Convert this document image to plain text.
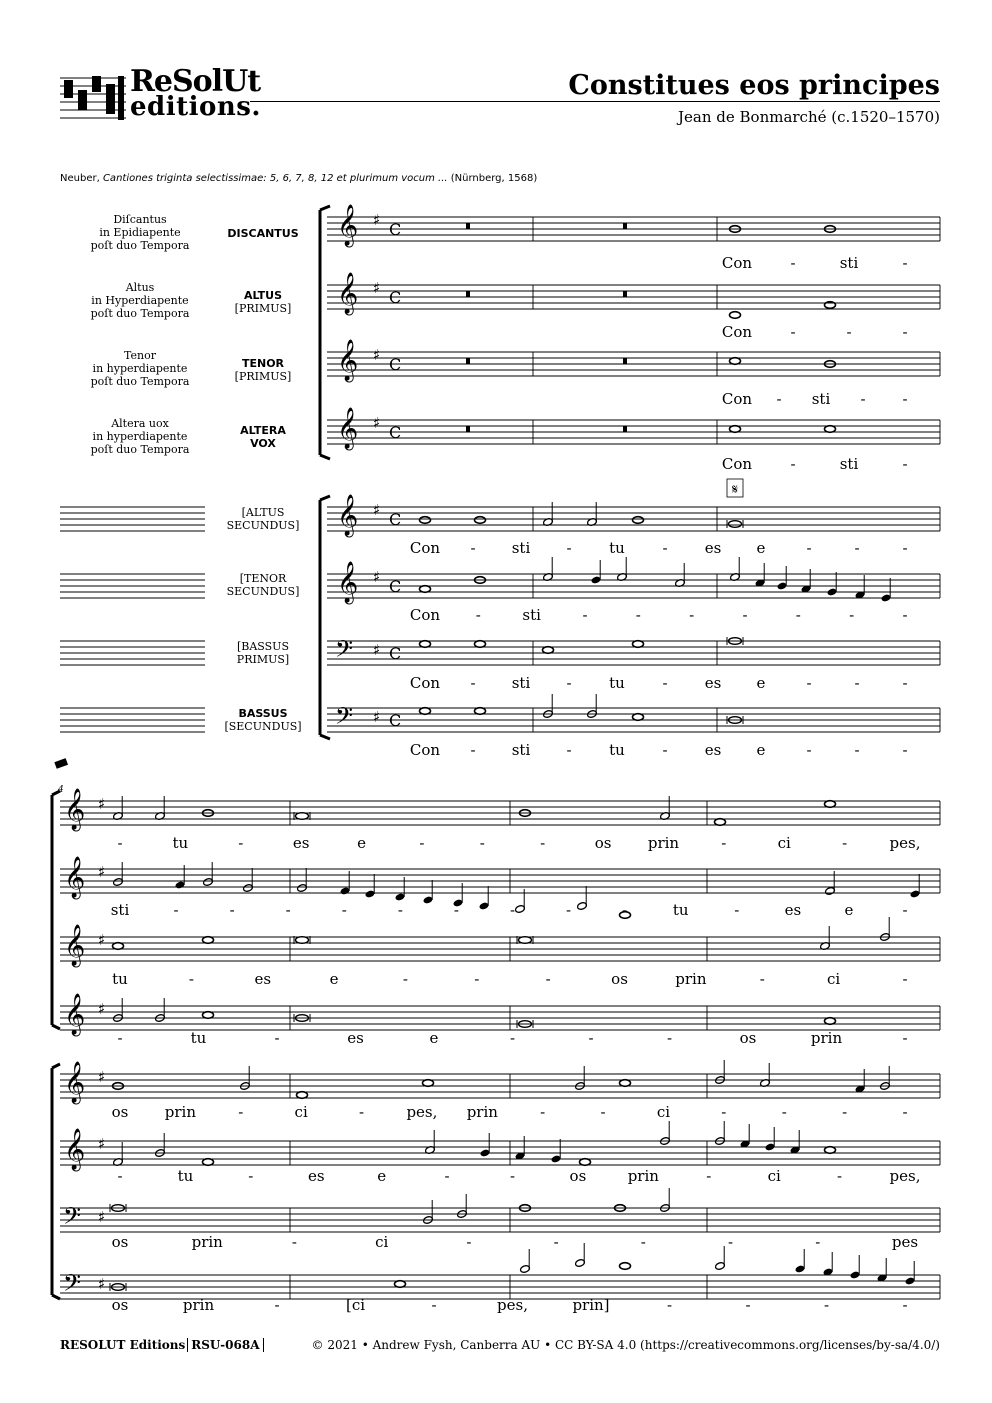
ReSolUt
editions.
Constitues eos principes
Jean de Bonmarché (c.1520–1570)
Neuber, Cantiones triginta selectissimae: 5, 6, 7, 8, 12 et plurimum vocum ... (Nürnberg, 1568)
Diſcantus
in Epidiapente
poſt duo Tempora
DISCANTUS
Altus
in Hyperdiapente
poſt duo Tempora
ALTUS
[PRIMUS]
Tenor
in hyperdiapente
poſt duo Tempora
TENOR
[PRIMUS]
Altera uox
in hyperdiapente
poſt duo Tempora
ALTERA
VOX
[ALTUS
SECUNDUS]
[TENOR
SECUNDUS]
[BASSUS
PRIMUS]
BASSUS
[SECUNDUS]
𝄞 ♯ C
𝄞 ♯ C
𝄞 ♯ C
𝄞 ♯ C
𝄞 ♯ C
𝄞 ♯ C
𝄢 ♯ C
𝄢 ♯ C
𝄋
Con	-	sti	-
Con	-	-	-
Con - sti - -
Con	-	sti	-
Con - sti -	tu	- es e	-	-	-
Con -	sti	-	-	-	-	-	-	-
Con - sti -	tu	- es e	-	-	-
Con - sti -	tu	- es e	-	-	-
𝄞 ♯
𝄞 ♯
𝄞 ♯
𝄞 ♯
𝄞 ♯
𝄞 ♯
𝄢 ♯
𝄢 ♯
4
-	tu	-	es	e	-	-	-	os prin	-	ci	-	pes,
sti	-	-	-	-	-	-	-	-	-	tu	-	es	e	-
tu	-	es	e	-	-	-	os	prin	-	ci	-
-	tu	-	es	e	-	-	-	os	prin	-
os prin	-	ci	-	pes, prin	-	-	ci	-	-	-	-
-	tu	-	es	e	-	-	os	prin	-	ci	-	pes,
os	prin	-	ci	-	-	-	-	-	pes
os	prin	-	[ci	-	pes,	prin]	-	-	-	-
RESOLUT Editions RSU-068A	© 2021 • Andrew Fysh, Canberra AU • CC BY-SA 4.0 (https://creativecommons.org/licenses/by-sa/4.0/)
